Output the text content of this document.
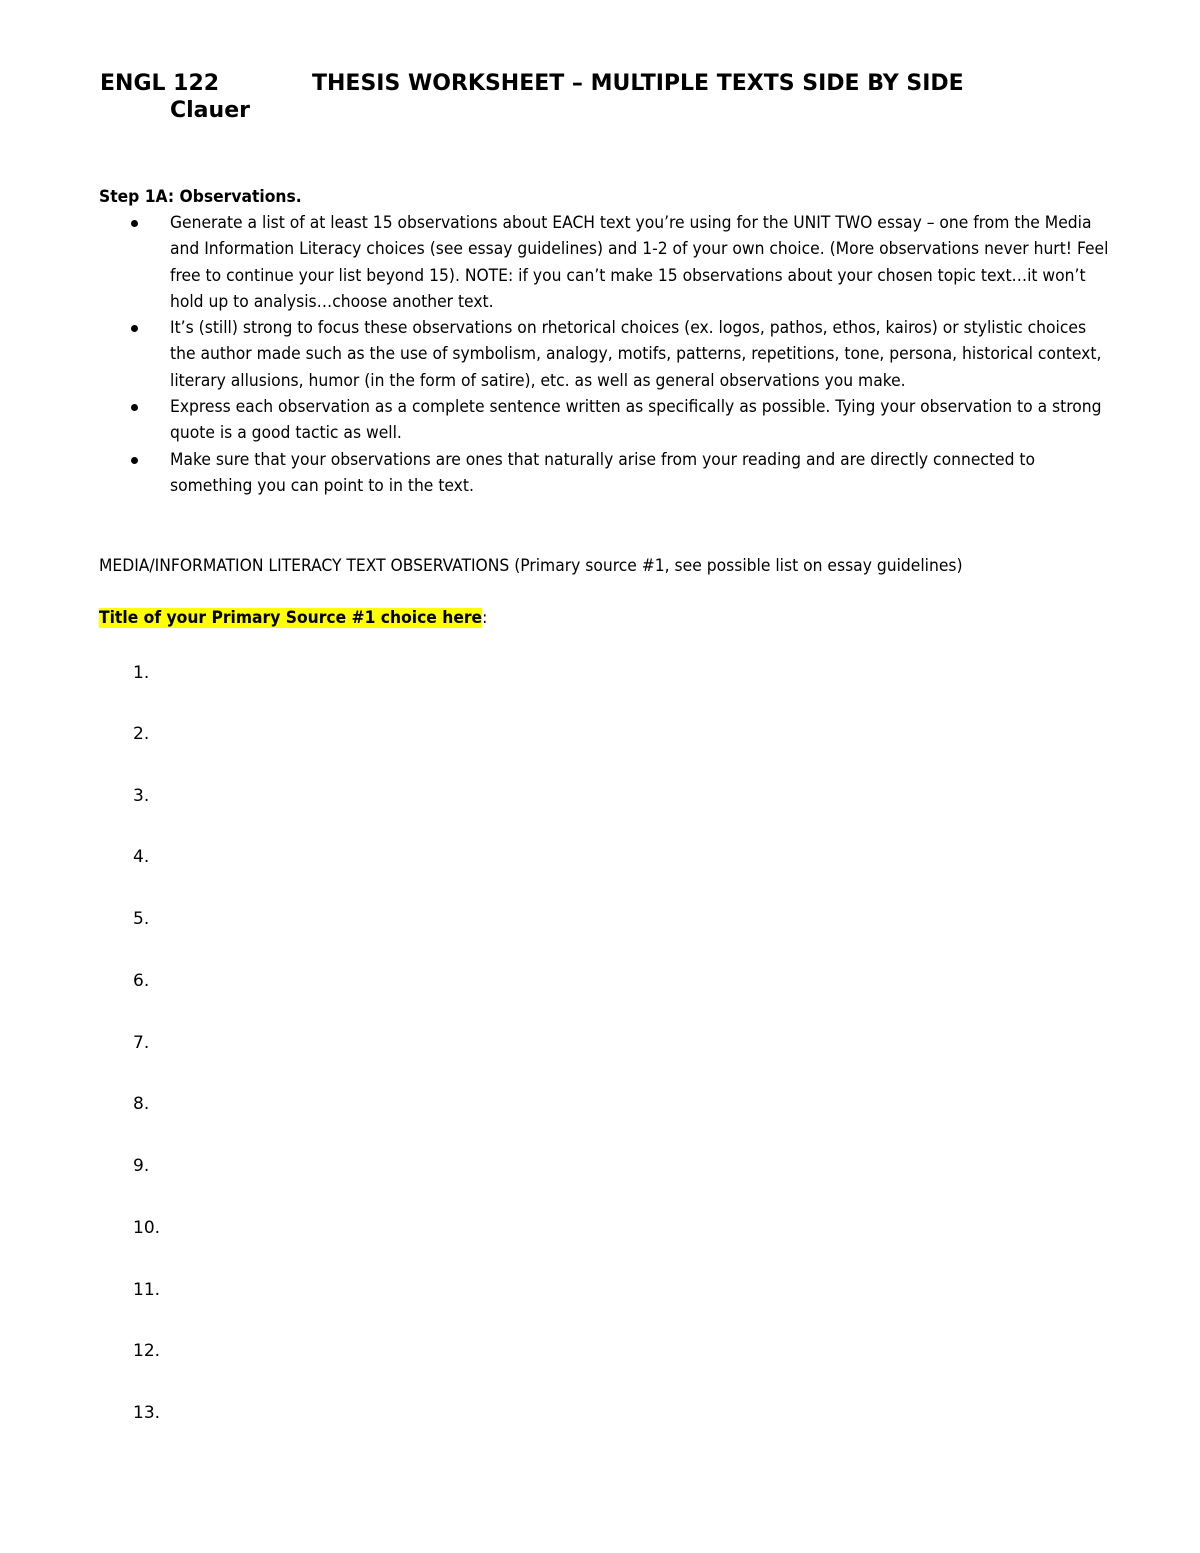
ENGL 122	THESIS WORKSHEET – MULTIPLE TEXTS SIDE BY SIDE
Clauer
Step 1A: Observations.
Generate a list of at least 15 observations about EACH text you’re using for the UNIT TWO essay – one from the Media and Information Literacy choices (see essay guidelines) and 1-2 of your own choice. (More observations never hurt! Feel free to continue your list beyond 15). NOTE: if you can’t make 15 observations about your chosen topic text…it won’t hold up to analysis…choose another text.
It’s (still) strong to focus these observations on rhetorical choices (ex. logos, pathos, ethos, kairos) or stylistic choices the author made such as the use of symbolism, analogy, motifs, patterns, repetitions, tone, persona, historical context, literary allusions, humor (in the form of satire), etc. as well as general observations you make.
Express each observation as a complete sentence written as specifically as possible. Tying your observation to a strong quote is a good tactic as well.
Make sure that your observations are ones that naturally arise from your reading and are directly connected to something you can point to in the text.
MEDIA/INFORMATION LITERACY TEXT OBSERVATIONS (Primary source #1, see possible list on essay guidelines)
Title of your Primary Source #1 choice here:
1.
2.
3.
4.
5.
6.
7.
8.
9.
10.
11.
12.
13.
